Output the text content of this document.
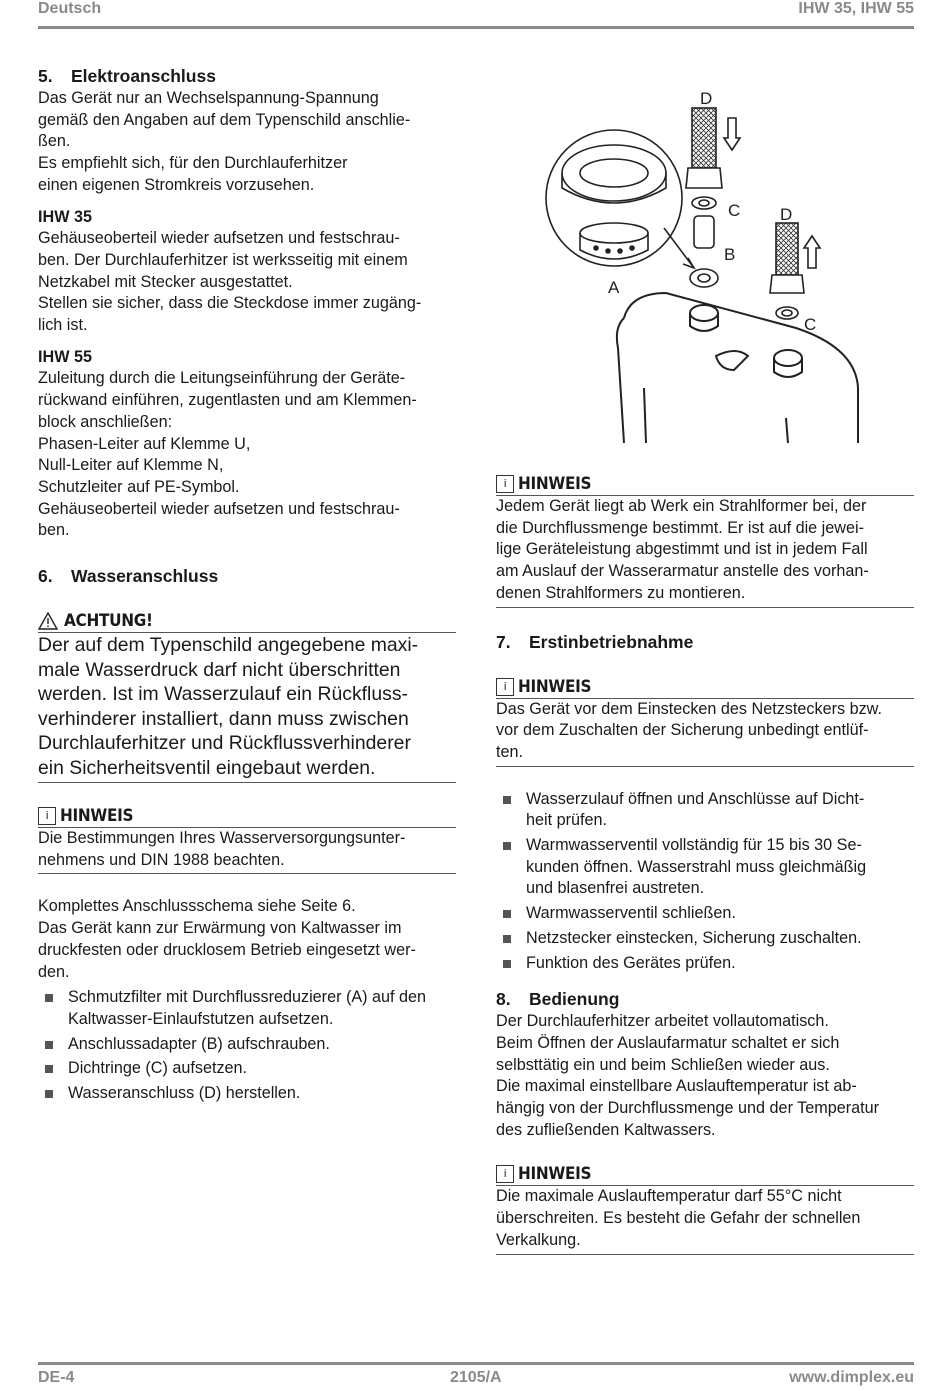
Deutsch	IHW 35, IHW 55
5. Elektroanschluss

Das Gerät nur an Wechselspannung-Spannung

gemäß den Angaben auf dem Typenschild anschlie-

ßen.

Es empfiehlt sich, für den Durchlauferhitzer

einen eigenen Stromkreis vorzusehen.

IHW 35

Gehäuseoberteil wieder aufsetzen und festschrau-

ben. Der Durchlauferhitzer ist werksseitig mit einem

Netzkabel mit Stecker ausgestattet.

Stellen sie sicher, dass die Steckdose immer zugäng-

lich ist.

IHW 55

Zuleitung durch die Leitungseinführung der Geräte-

rückwand einführen, zugentlasten und am Klemmen-

block anschließen:

Phasen-Leiter auf Klemme U,

Null-Leiter auf Klemme N,

Schutzleiter auf PE-Symbol.

Gehäuseoberteil wieder aufsetzen und festschrau-

ben.

6. Wasseranschluss
ACHTUNG!

Der auf dem Typenschild angegebene maxi-

male Wasserdruck darf nicht überschritten

werden. Ist im Wasserzulauf ein Rückfluss-

verhinderer installiert, dann muss zwischen

Durchlauferhitzer und Rückflussverhinderer

ein Sicherheitsventil eingebaut werden.

i HINWEIS

Die Bestimmungen Ihres Wasserversorgungsunter-

nehmens und DIN 1988 beachten.

Komplettes Anschlussschema siehe Seite 6.

Das Gerät kann zur Erwärmung von Kaltwasser im

druckfesten oder drucklosem Betrieb eingesetzt wer-

den.

Schmutzfilter mit Durchflussreduzierer (A) auf den
Kaltwasser-Einlaufstutzen aufsetzen.
Anschlussadapter (B) aufschrauben.
Dichtringe (C) aufsetzen.
Wasseranschluss (D) herstellen.
D
C
B
A
D
C
i HINWEIS

Jedem Gerät liegt ab Werk ein Strahlformer bei, der

die Durchflussmenge bestimmt. Er ist auf die jewei-

lige Geräteleistung abgestimmt und ist in jedem Fall

am Auslauf der Wasserarmatur anstelle des vorhan-

denen Strahlformers zu montieren.

7. Erstinbetriebnahme
i HINWEIS

Das Gerät vor dem Einstecken des Netzsteckers bzw.

vor dem Zuschalten der Sicherung unbedingt entlüf-

ten.

Wasserzulauf öffnen und Anschlüsse auf Dicht-
heit prüfen.
Warmwasserventil vollständig für 15 bis 30 Se-
kunden öffnen. Wasserstrahl muss gleichmäßig
und blasenfrei austreten.
Warmwasserventil schließen.
Netzstecker einstecken, Sicherung zuschalten.
Funktion des Gerätes prüfen.
8. Bedienung

Der Durchlauferhitzer arbeitet vollautomatisch.

Beim Öffnen der Auslaufarmatur schaltet er sich

selbsttätig ein und beim Schließen wieder aus.

Die maximal einstellbare Auslauftemperatur ist ab-

hängig von der Durchflussmenge und der Temperatur

des zufließenden Kaltwassers.

i HINWEIS

Die maximale Auslauftemperatur darf 55°C nicht

überschreiten. Es besteht die Gefahr der schnellen

Verkalkung.

DE-4	2105/A	www.dimplex.eu
